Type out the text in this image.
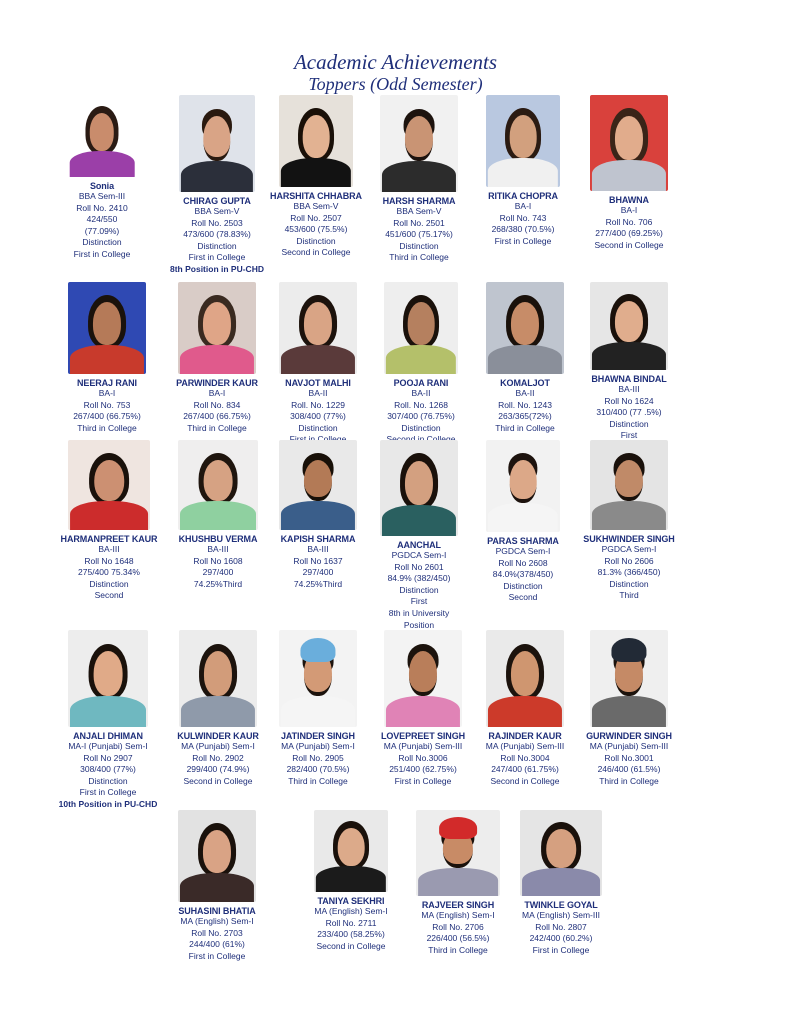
Academic Achievements
Toppers (Odd Semester)
Sonia
BBA Sem-III
Roll No. 2410
424/550
(77.09%)
Distinction
First in College
CHIRAG GUPTA
BBA Sem-V
Roll No. 2503
473/600 (78.83%)
Distinction
First in College
8th Position in PU-CHD
HARSHITA CHHABRA
BBA Sem-V
Roll No. 2507
453/600 (75.5%)
Distinction
Second in College
HARSH SHARMA
BBA Sem-V
Roll No. 2501
451/600 (75.17%)
Distinction
Third in College
RITIKA CHOPRA
BA-I
Roll No. 743
268/380 (70.5%)
First in College
BHAWNA
BA-I
Roll No. 706
277/400 (69.25%)
Second in College
NEERAJ RANI
BA-I
Roll No. 753
267/400 (66.75%)
Third in College
PARWINDER KAUR
BA-I
Roll No. 834
267/400 (66.75%)
Third in College
NAVJOT MALHI
BA-II
Roll. No. 1229
308/400 (77%)
Distinction
POOJA RANI
BA-II
Roll. No. 1268
307/400 (76.75%)
Distinction
KOMALJOT
BA-II
Roll. No. 1243
263/365(72%)
Third in College
BHAWNA BINDAL
BA-III
Roll No 1624
310/400 (77 .5%)
Distinction
First
HARMANPREET KAUR
BA-III
Roll No 1648
275/400 75.34%
Distinction
Second
KHUSHBU VERMA
BA-III
Roll No 1608
297/400
74.25%Third
KAPISH SHARMA
BA-III
Roll No 1637
297/400
74.25%Third
AANCHAL
PGDCA Sem-I
Roll No 2601
84.9% (382/450)
Distinction
First
8th in University
Position
PARAS SHARMA
PGDCA Sem-I
Roll No 2608
84.0%(378/450)
Distinction
Second
SUKHWINDER SINGH
PGDCA Sem-I
Roll No 2606
81.3% (366/450)
Distinction
Third
ANJALI DHIMAN
MA-I (Punjabi) Sem-I
Roll No 2907
308/400 (77%)
Distinction
First in College
10th Position in PU-CHD
KULWINDER KAUR
MA (Punjabi) Sem-I
Roll No. 2902
299/400 (74.9%)
Second in College
JATINDER SINGH
MA (Punjabi) Sem-I
Roll No. 2905
282/400 (70.5%)
Third in College
LOVEPREET SINGH
MA (Punjabi) Sem-III
Roll No.3006
251/400 (62.75%)
First in College
RAJINDER KAUR
MA (Punjabi) Sem-III
Roll No.3004
247/400 (61.75%)
Second in College
GURWINDER SINGH
MA (Punjabi) Sem-III
Roll No.3001
246/400 (61.5%)
Third in College
SUHASINI BHATIA
MA (English) Sem-I
Roll No. 2703
244/400 (61%)
First in College
TANIYA SEKHRI
MA (English) Sem-I
Roll No. 2711
233/400 (58.25%)
Second in College
RAJVEER SINGH
MA (English) Sem-I
Roll No. 2706
226/400 (56.5%)
Third in College
TWINKLE GOYAL
MA (English) Sem-III
Roll No. 2807
242/400 (60.2%)
First in College
